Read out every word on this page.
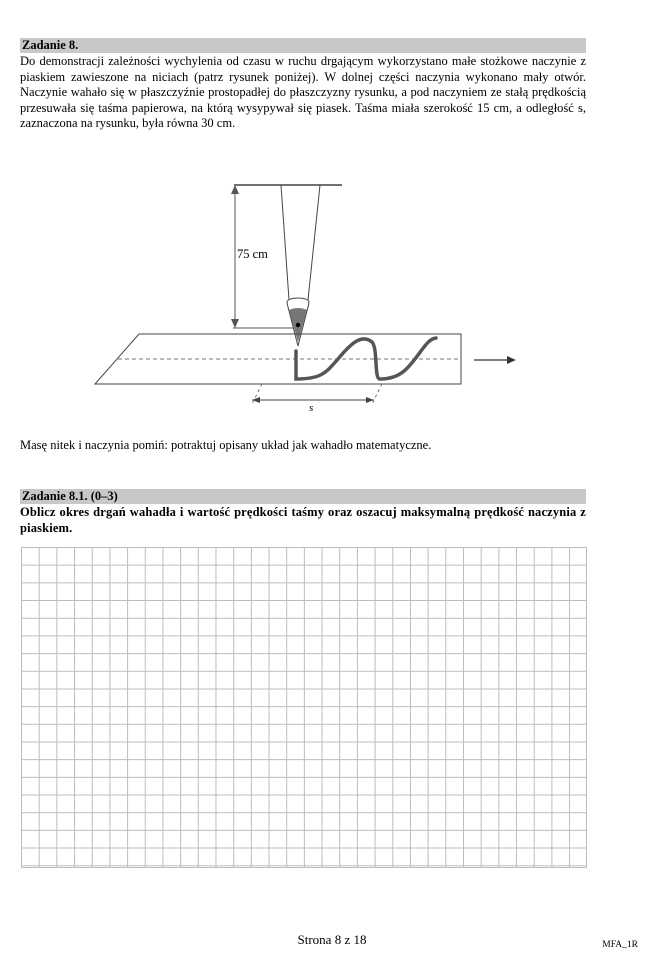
Zadanie 8.
Do demonstracji zależności wychylenia od czasu w ruchu drgającym wykorzystano małe stożkowe naczynie z piaskiem zawieszone na niciach (patrz rysunek poniżej). W dolnej części naczynia wykonano mały otwór. Naczynie wahało się w płaszczyźnie prostopadłej do płaszczyzny rysunku, a pod naczyniem ze stałą prędkością przesuwała się taśma papierowa, na którą wysypywał się piasek. Taśma miała szerokość 15 cm, a odległość s, zaznaczona na rysunku, była równa 30 cm.
75 cm
s
Masę nitek i naczynia pomiń: potraktuj opisany układ jak wahadło matematyczne.
Zadanie 8.1. (0–3)
Oblicz okres drgań wahadła i wartość prędkości taśmy oraz oszacuj maksymalną prędkość naczynia z piaskiem.
Strona 8 z 18	MFA_1R
